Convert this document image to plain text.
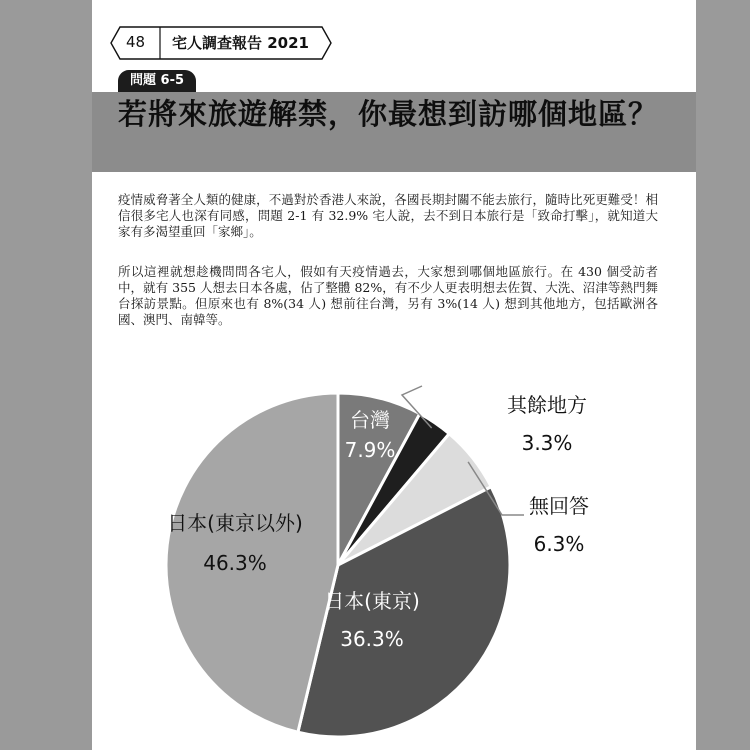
48 宅人調查報告 2021
問題 6-5
若將來旅遊解禁，你最想到訪哪個地區？

疫情威脅著全人類的健康，不過對於香港人來說，各國長期封關不能去旅行，隨時比死更難受！相信很多宅人也深有同感，問題 2-1 有 32.9% 宅人說，去不到日本旅行是「致命打擊」，就知道大家有多渴望重回「家鄉」。

所以這裡就想趁機問問各宅人，假如有天疫情過去，大家想到哪個地區旅行。在 430 個受訪者中，就有 355 人想去日本各處，佔了整體 82%，有不少人更表明想去佐賀、大洗、沼津等熱門舞台探訪景點。但原來也有 8%(34 人) 想前往台灣，另有 3%(14 人) 想到其他地方，包括歐洲各國、澳門、南韓等。

台灣
7.9%
其餘地方
3.3%
無回答
6.3%
日本(東京)
36.3%
日本(東京以外)
46.3%
